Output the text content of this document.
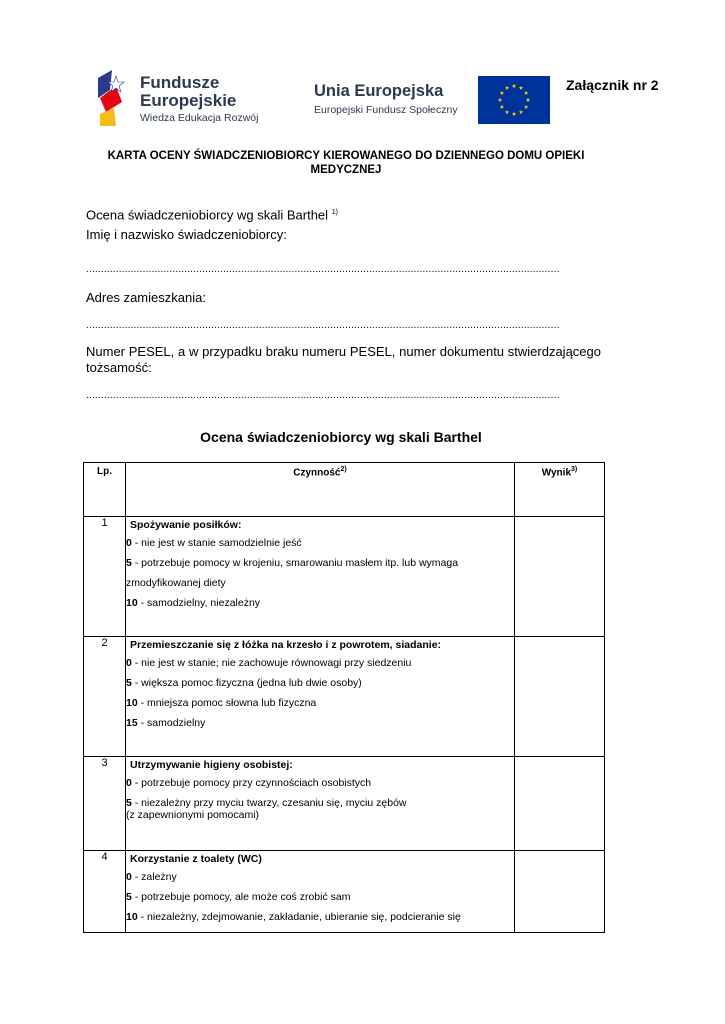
Fundusze
Europejskie
Wiedza Edukacja Rozwój
Unia Europejska
Europejski Fundusz Społeczny
Załącznik nr 2
KARTA OCENY ŚWIADCZENIOBIORCY KIEROWANEGO DO DZIENNEGO DOMU OPIEKI
MEDYCZNEJ
Ocena świadczeniobiorcy wg skali Barthel $^{1)}$
Imię i nazwisko świadczeniobiorcy:
...............................................................................................................................................................
Adres zamieszkania:
...............................................................................................................................................................
Numer PESEL, a w przypadku braku numeru PESEL, numer dokumentu stwierdzającego
tożsamość:
...............................................................................................................................................................
Ocena świadczeniobiorcy wg skali Barthel
Lp.	Czynność$^{2)}$	Wynik$^{3)}$
1	Spożywanie posiłków:
0 - nie jest w stanie samodzielnie jeść
5 - potrzebuje pomocy w krojeniu, smarowaniu masłem itp. lub wymaga
zmodyfikowanej diety
10 - samodzielny, niezależny	

2	Przemieszczanie się z łóżka na krzesło i z powrotem, siadanie:
0 - nie jest w stanie; nie zachowuje równowagi przy siedzeniu
5 - większa pomoc fizyczna (jedna lub dwie osoby)
10 - mniejsza pomoc słowna lub fizyczna
15 - samodzielny	

3	Utrzymywanie higieny osobistej:
0 - potrzebuje pomocy przy czynnościach osobistych
5 - niezależny przy myciu twarzy, czesaniu się, myciu zębów
(z zapewnionymi pomocami)	

4	Korzystanie z toalety (WC)
0 - zależny
5 - potrzebuje pomocy, ale może coś zrobić sam
10 - niezależny, zdejmowanie, zakładanie, ubieranie się, podcieranie się	
